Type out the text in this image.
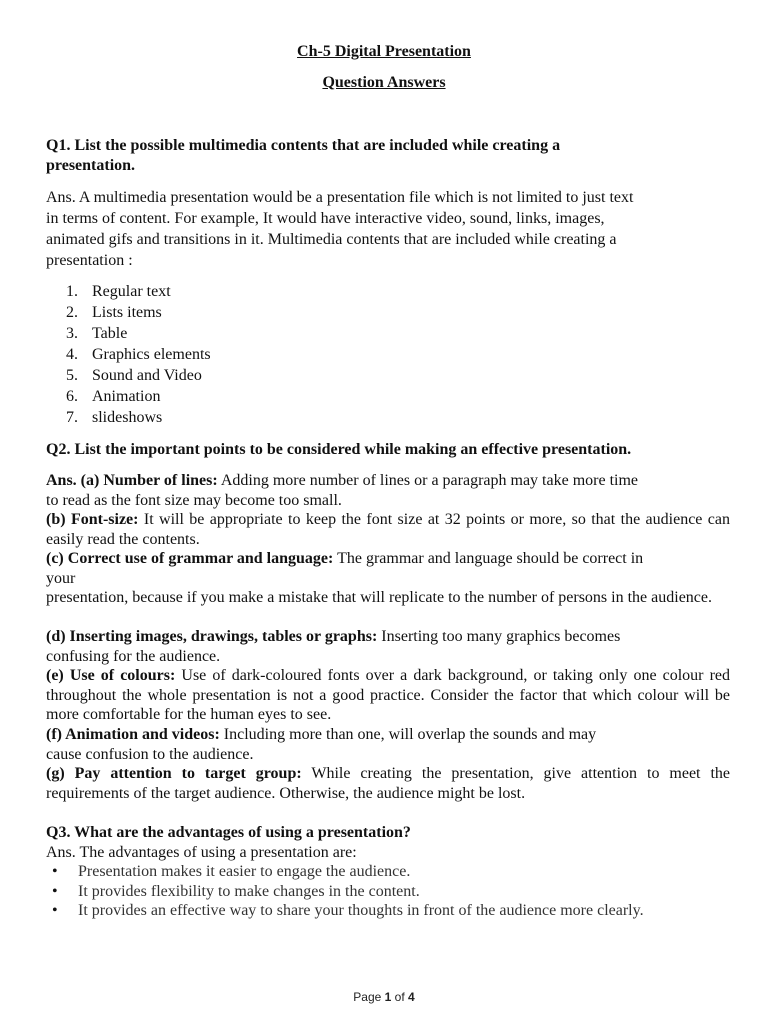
Ch-5 Digital Presentation
Question Answers
Q1. List the possible multimedia contents that are included while creating a
presentation.
Ans. A multimedia presentation would be a presentation file which is not limited to just text
in terms of content. For example, It would have interactive video, sound, links, images,
animated gifs and transitions in it. Multimedia contents that are included while creating a
presentation :
1. Regular text
2. Lists items
3. Table
4. Graphics elements
5. Sound and Video
6. Animation
7. slideshows
Q2. List the important points to be considered while making an effective presentation.
Ans. (a) Number of lines: Adding more number of lines or a paragraph may take more time
to read as the font size may become too small.
(b) Font-size: It will be appropriate to keep the font size at 32 points or more, so that the audience can easily read the contents.
(c) Correct use of grammar and language: The grammar and language should be correct in
your
presentation, because if you make a mistake that will replicate to the number of persons in the audience.
(d) Inserting images, drawings, tables or graphs: Inserting too many graphics becomes
confusing for the audience.
(e) Use of colours: Use of dark-coloured fonts over a dark background, or taking only one colour red throughout the whole presentation is not a good practice. Consider the factor that which colour will be more comfortable for the human eyes to see.
(f) Animation and videos: Including more than one, will overlap the sounds and may
cause confusion to the audience.
(g) Pay attention to target group: While creating the presentation, give attention to meet the requirements of the target audience. Otherwise, the audience might be lost.
Q3. What are the advantages of using a presentation?
Ans. The advantages of using a presentation are:
• Presentation makes it easier to engage the audience.
• It provides flexibility to make changes in the content.
• It provides an effective way to share your thoughts in front of the audience more clearly.
Page 1 of 4
